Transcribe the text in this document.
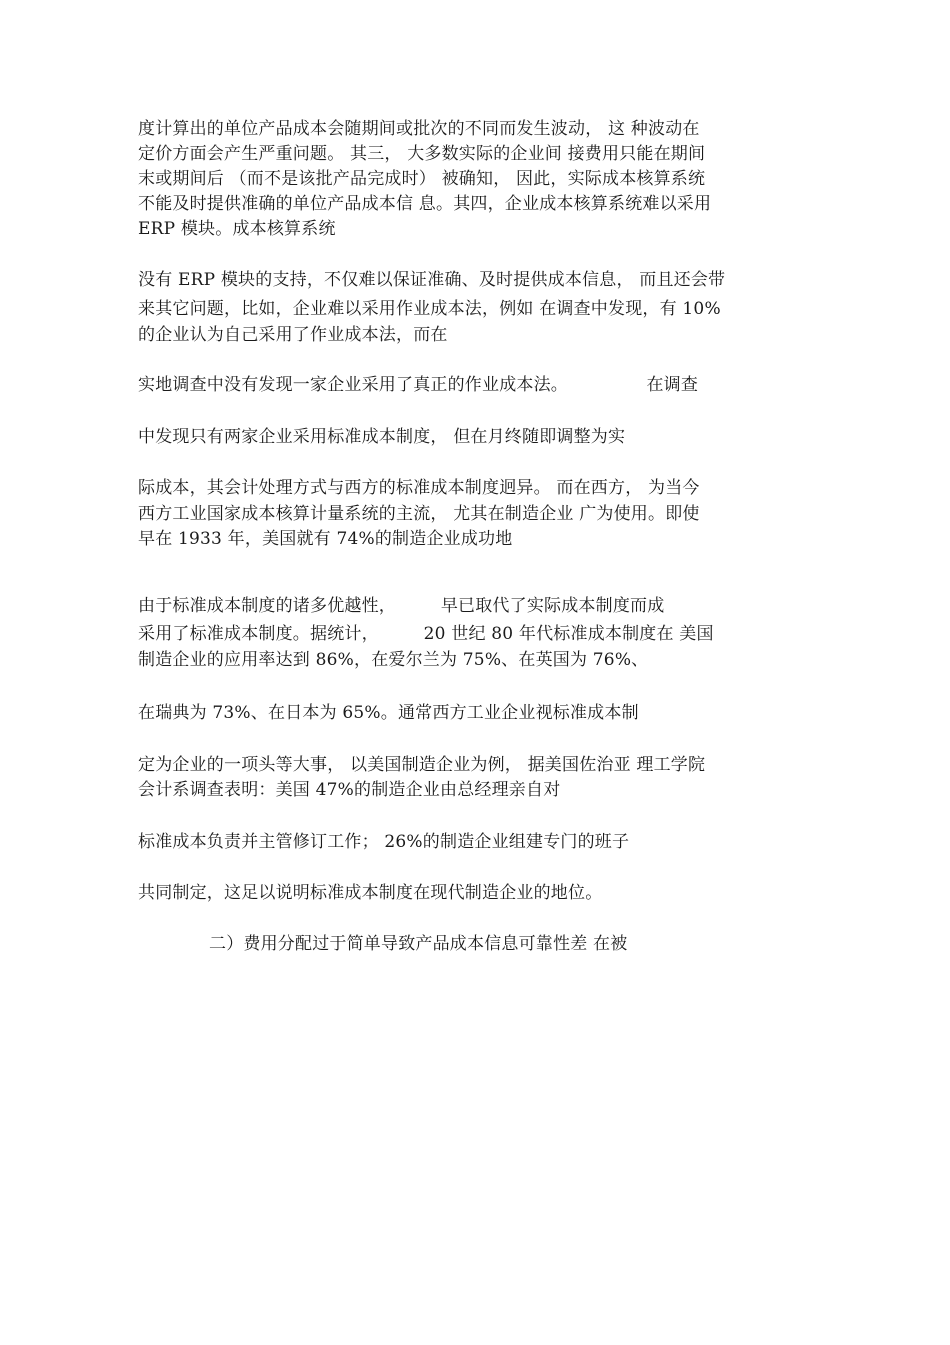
度计算出的单位产品成本会随期间或批次的不同而发生波动， 这 种波动在
定价方面会产生严重问题。 其三， 大多数实际的企业间 接费用只能在期间
末或期间后 （而不是该批产品完成时） 被确知， 因此，实际成本核算系统
不能及时提供准确的单位产品成本信 息。其四，企业成本核算系统难以采用
ERP 模块。成本核算系统
没有 ERP 模块的支持，不仅难以保证准确、及时提供成本信息， 而且还会带
来其它问题，比如，企业难以采用作业成本法，例如 在调查中发现，有 10%
的企业认为自己采用了作业成本法，而在
实地调查中没有发现一家企业采用了真正的作业成本法。              在调查
中发现只有两家企业采用标准成本制度， 但在月终随即调整为实
际成本，其会计处理方式与西方的标准成本制度迥异。 而在西方， 为当今
西方工业国家成本核算计量系统的主流， 尤其在制造企业 广为使用。即使
早在 1933 年，美国就有 74%的制造企业成功地
由于标准成本制度的诸多优越性，        早已取代了实际成本制度而成
采用了标准成本制度。据统计，        20 世纪 80 年代标准成本制度在 美国
制造企业的应用率达到 86%，在爱尔兰为 75%、在英国为 76%、
在瑞典为 73%、在日本为 65%。通常西方工业企业视标准成本制
定为企业的一项头等大事， 以美国制造企业为例， 据美国佐治亚 理工学院
会计系调查表明：美国 47%的制造企业由总经理亲自对
标准成本负责并主管修订工作； 26%的制造企业组建专门的班子
共同制定，这足以说明标准成本制度在现代制造企业的地位。
二）费用分配过于简单导致产品成本信息可靠性差 在被
